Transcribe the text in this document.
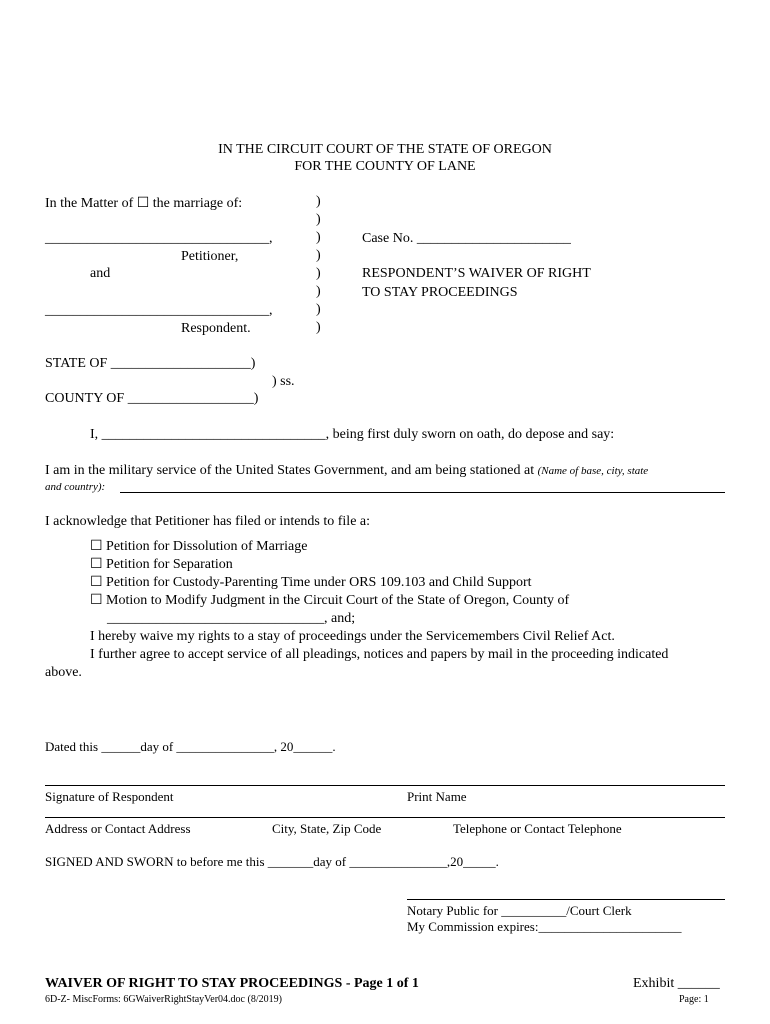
IN THE CIRCUIT COURT OF THE STATE OF OREGON
FOR THE COUNTY OF LANE
In the Matter of ☐ the marriage of:
________________________________,
Petitioner,
and
________________________________,
Respondent.
)
)
)
)
)
)
)
)
Case No. ______________________
RESPONDENT’S WAIVER OF RIGHT
TO STAY PROCEEDINGS
STATE OF ____________________)
) ss.
COUNTY OF __________________)
I, ________________________________, being first duly sworn on oath, do depose and say:
I am in the military service of the United States Government, and am being stationed at (Name of base, city, state
and country):
I acknowledge that Petitioner has filed or intends to file a:
☐ Petition for Dissolution of Marriage
☐ Petition for Separation
☐ Petition for Custody-Parenting Time under ORS 109.103 and Child Support
☐ Motion to Modify Judgment in the Circuit Court of the State of Oregon, County of
_______________________________, and;
I hereby waive my rights to a stay of proceedings under the Servicemembers Civil Relief Act.
I further agree to accept service of all pleadings, notices and papers by mail in the proceeding indicated
above.
Dated this ______day of _______________, 20______.
Signature of Respondent	Print Name
Address or Contact Address	City, State, Zip Code	Telephone or Contact Telephone
SIGNED AND SWORN to before me this _______day of _______________,20_____.
Notary Public for __________/Court Clerk
My Commission expires:______________________
WAIVER OF RIGHT TO STAY PROCEEDINGS - Page 1 of 1	Exhibit ______
6D-Z- MiscForms: 6GWaiverRightStayVer04.doc (8/2019)	Page: 1
